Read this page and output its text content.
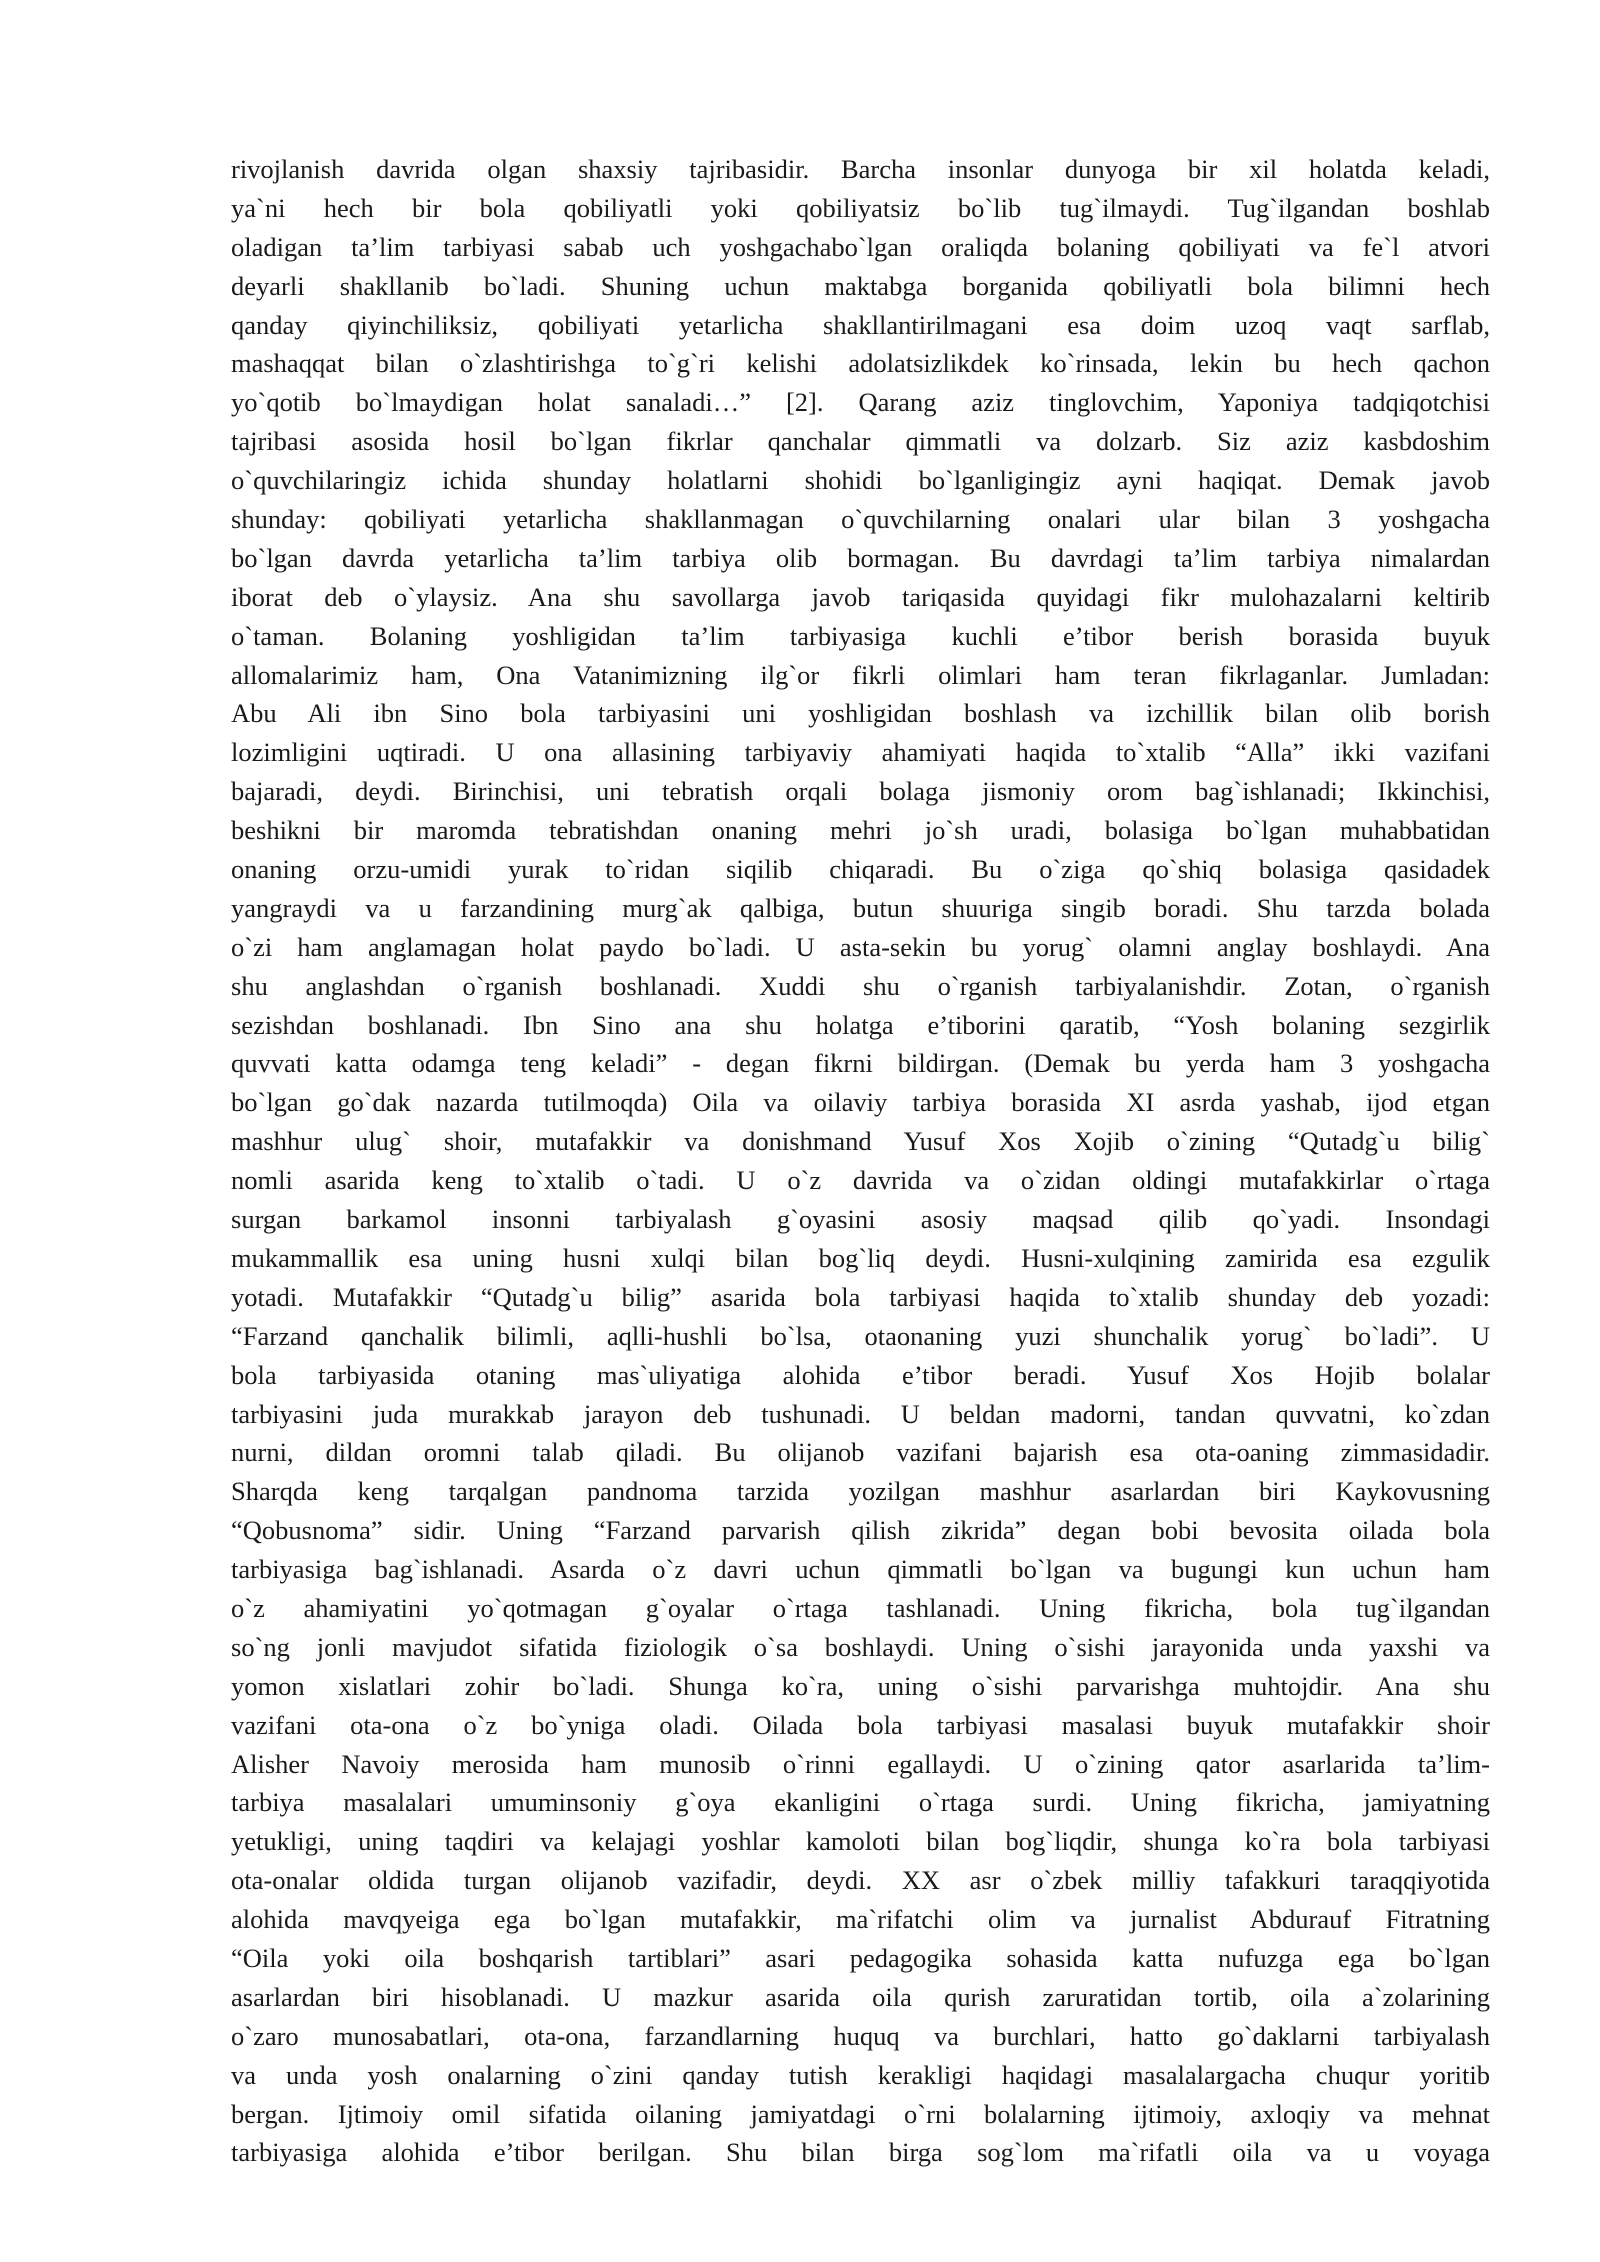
rivojlanish davrida olgan shaxsiy tajribasidir. Barcha insonlar dunyoga bir xil holatda keladi,
ya`ni hech bir bola qobiliyatli yoki qobiliyatsiz bo`lib tug`ilmaydi. Tug`ilgandan boshlab
oladigan ta’lim tarbiyasi sabab uch yoshgachabo`lgan oraliqda bolaning qobiliyati va fe`l atvori
deyarli shakllanib bo`ladi. Shuning uchun maktabga borganida qobiliyatli bola bilimni hech
qanday qiyinchiliksiz, qobiliyati yetarlicha shakllantirilmagani esa doim uzoq vaqt sarflab,
mashaqqat bilan o`zlashtirishga to`g`ri kelishi adolatsizlikdek ko`rinsada, lekin bu hech qachon
yo`qotib bo`lmaydigan holat sanaladi…” [2]. Qarang aziz tinglovchim, Yaponiya tadqiqotchisi
tajribasi asosida hosil bo`lgan fikrlar qanchalar qimmatli va dolzarb. Siz aziz kasbdoshim
o`quvchilaringiz ichida shunday holatlarni shohidi bo`lganligingiz ayni haqiqat. Demak javob
shunday: qobiliyati yetarlicha shakllanmagan o`quvchilarning onalari ular bilan 3 yoshgacha
bo`lgan davrda yetarlicha ta’lim tarbiya olib bormagan. Bu davrdagi ta’lim tarbiya nimalardan
iborat deb o`ylaysiz. Ana shu savollarga javob tariqasida quyidagi fikr mulohazalarni keltirib
o`taman. Bolaning yoshligidan ta’lim tarbiyasiga kuchli e’tibor berish borasida buyuk
allomalarimiz ham, Ona Vatanimizning ilg`or fikrli olimlari ham teran fikrlaganlar. Jumladan:
Abu Ali ibn Sino bola tarbiyasini uni yoshligidan boshlash va izchillik bilan olib borish
lozimligini uqtiradi. U ona allasining tarbiyaviy ahamiyati haqida to`xtalib “Alla” ikki vazifani
bajaradi, deydi. Birinchisi, uni tebratish orqali bolaga jismoniy orom bag`ishlanadi; Ikkinchisi,
beshikni bir maromda tebratishdan onaning mehri jo`sh uradi, bolasiga bo`lgan muhabbatidan
onaning orzu-umidi yurak to`ridan siqilib chiqaradi. Bu o`ziga qo`shiq bolasiga qasidadek
yangraydi va u farzandining murg`ak qalbiga, butun shuuriga singib boradi. Shu tarzda bolada
o`zi ham anglamagan holat paydo bo`ladi. U asta-sekin bu yorug` olamni anglay boshlaydi. Ana
shu anglashdan o`rganish boshlanadi. Xuddi shu o`rganish tarbiyalanishdir. Zotan, o`rganish
sezishdan boshlanadi. Ibn Sino ana shu holatga e’tiborini qaratib, “Yosh bolaning sezgirlik
quvvati katta odamga teng keladi” - degan fikrni bildirgan. (Demak bu yerda ham 3 yoshgacha
bo`lgan go`dak nazarda tutilmoqda) Oila va oilaviy tarbiya borasida XI asrda yashab, ijod etgan
mashhur ulug` shoir, mutafakkir va donishmand Yusuf Xos Xojib o`zining “Qutadg`u bilig`
nomli asarida keng to`xtalib o`tadi. U o`z davrida va o`zidan oldingi mutafakkirlar o`rtaga
surgan barkamol insonni tarbiyalash g`oyasini asosiy maqsad qilib qo`yadi. Insondagi
mukammallik esa uning husni xulqi bilan bog`liq deydi. Husni-xulqining zamirida esa ezgulik
yotadi. Mutafakkir “Qutadg`u bilig” asarida bola tarbiyasi haqida to`xtalib shunday deb yozadi:
“Farzand qanchalik bilimli, aqlli-hushli bo`lsa, otaonaning yuzi shunchalik yorug` bo`ladi”. U
bola tarbiyasida otaning mas`uliyatiga alohida e’tibor beradi. Yusuf Xos Hojib bolalar
tarbiyasini juda murakkab jarayon deb tushunadi. U beldan madorni, tandan quvvatni, ko`zdan
nurni, dildan oromni talab qiladi. Bu olijanob vazifani bajarish esa ota-oaning zimmasidadir.
Sharqda keng tarqalgan pandnoma tarzida yozilgan mashhur asarlardan biri Kaykovusning
“Qobusnoma” sidir. Uning “Farzand parvarish qilish zikrida” degan bobi bevosita oilada bola
tarbiyasiga bag`ishlanadi. Asarda o`z davri uchun qimmatli bo`lgan va bugungi kun uchun ham
o`z ahamiyatini yo`qotmagan g`oyalar o`rtaga tashlanadi. Uning fikricha, bola tug`ilgandan
so`ng jonli mavjudot sifatida fiziologik o`sa boshlaydi. Uning o`sishi jarayonida unda yaxshi va
yomon xislatlari zohir bo`ladi. Shunga ko`ra, uning o`sishi parvarishga muhtojdir. Ana shu
vazifani ota-ona o`z bo`yniga oladi. Oilada bola tarbiyasi masalasi buyuk mutafakkir shoir
Alisher Navoiy merosida ham munosib o`rinni egallaydi. U o`zining qator asarlarida ta’lim-
tarbiya masalalari umuminsoniy g`oya ekanligini o`rtaga surdi. Uning fikricha, jamiyatning
yetukligi, uning taqdiri va kelajagi yoshlar kamoloti bilan bog`liqdir, shunga ko`ra bola tarbiyasi
ota-onalar oldida turgan olijanob vazifadir, deydi. XX asr o`zbek milliy tafakkuri taraqqiyotida
alohida mavqyeiga ega bo`lgan mutafakkir, ma`rifatchi olim va jurnalist Abdurauf Fitratning
“Oila yoki oila boshqarish tartiblari” asari pedagogika sohasida katta nufuzga ega bo`lgan
asarlardan biri hisoblanadi. U mazkur asarida oila qurish zaruratidan tortib, oila a`zolarining
o`zaro munosabatlari, ota-ona, farzandlarning huquq va burchlari, hatto go`daklarni tarbiyalash
va unda yosh onalarning o`zini qanday tutish kerakligi haqidagi masalalargacha chuqur yoritib
bergan. Ijtimoiy omil sifatida oilaning jamiyatdagi o`rni bolalarning ijtimoiy, axloqiy va mehnat
tarbiyasiga alohida e’tibor berilgan. Shu bilan birga sog`lom ma`rifatli oila va u voyaga
